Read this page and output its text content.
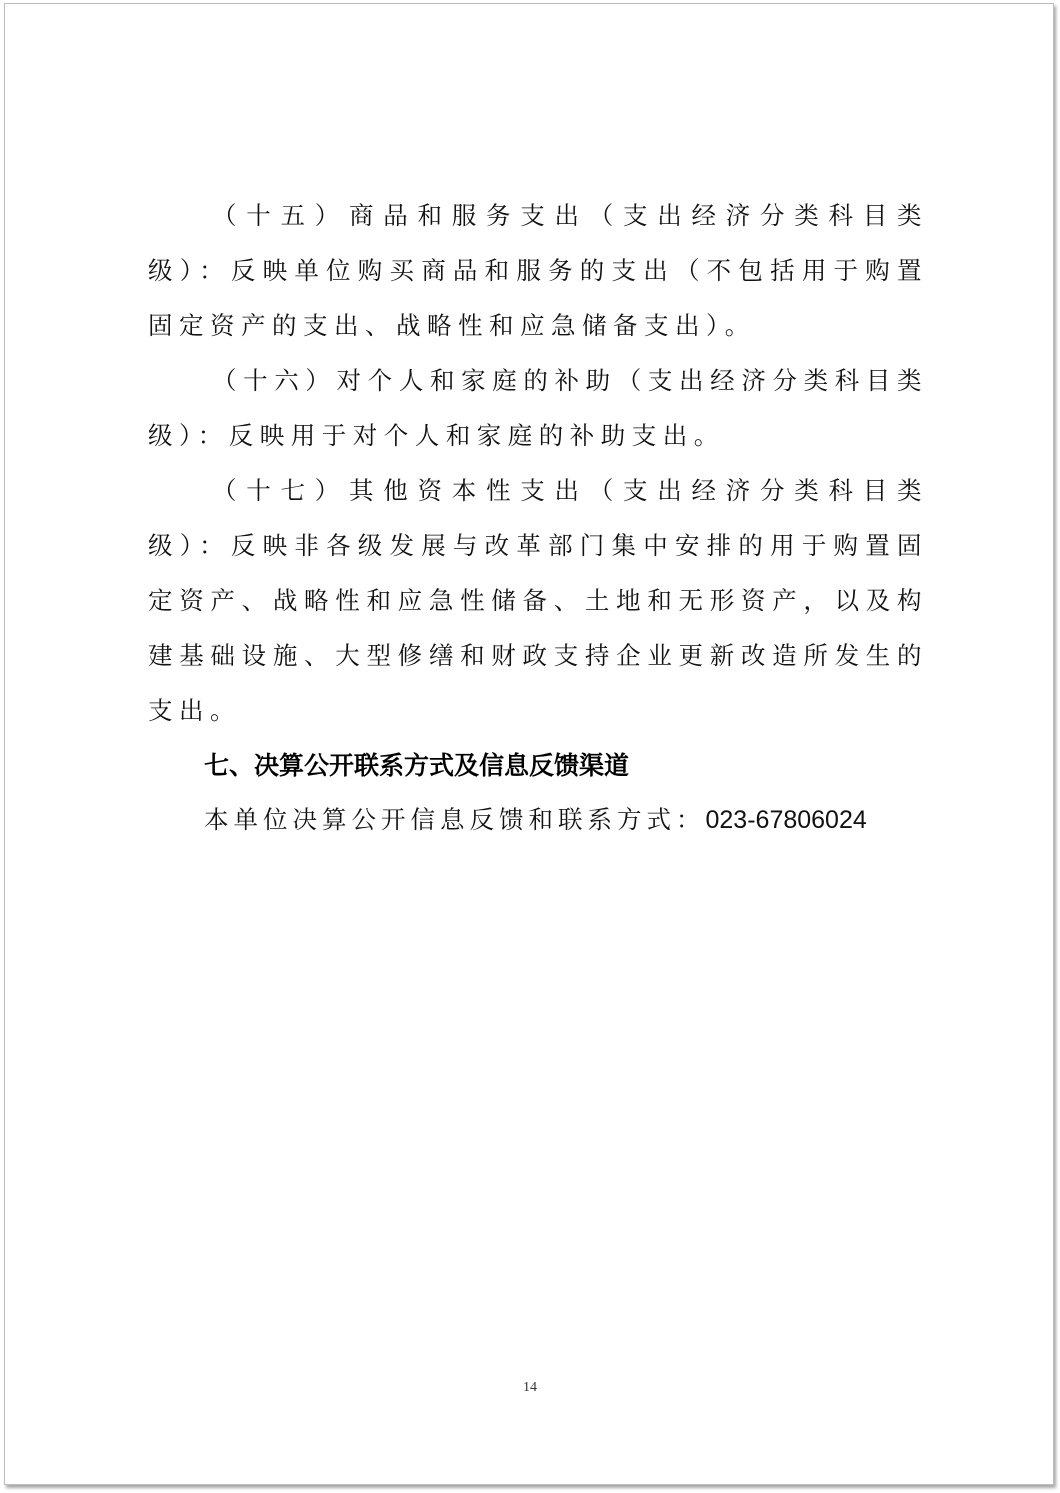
（十五）商品和服务支出（支出经济分类科目类级）：反映单位购买商品和服务的支出（不包括用于购置固定资产的支出、战略性和应急储备支出）。

（十六）对个人和家庭的补助（支出经济分类科目类级）：反映用于对个人和家庭的补助支出。

（十七）其他资本性支出（支出经济分类科目类级）：反映非各级发展与改革部门集中安排的用于购置固定资产、战略性和应急性储备、土地和无形资产，以及构建基础设施、大型修缮和财政支持企业更新改造所发生的支出。

七、决算公开联系方式及信息反馈渠道

本单位决算公开信息反馈和联系方式：023-67806024

14
